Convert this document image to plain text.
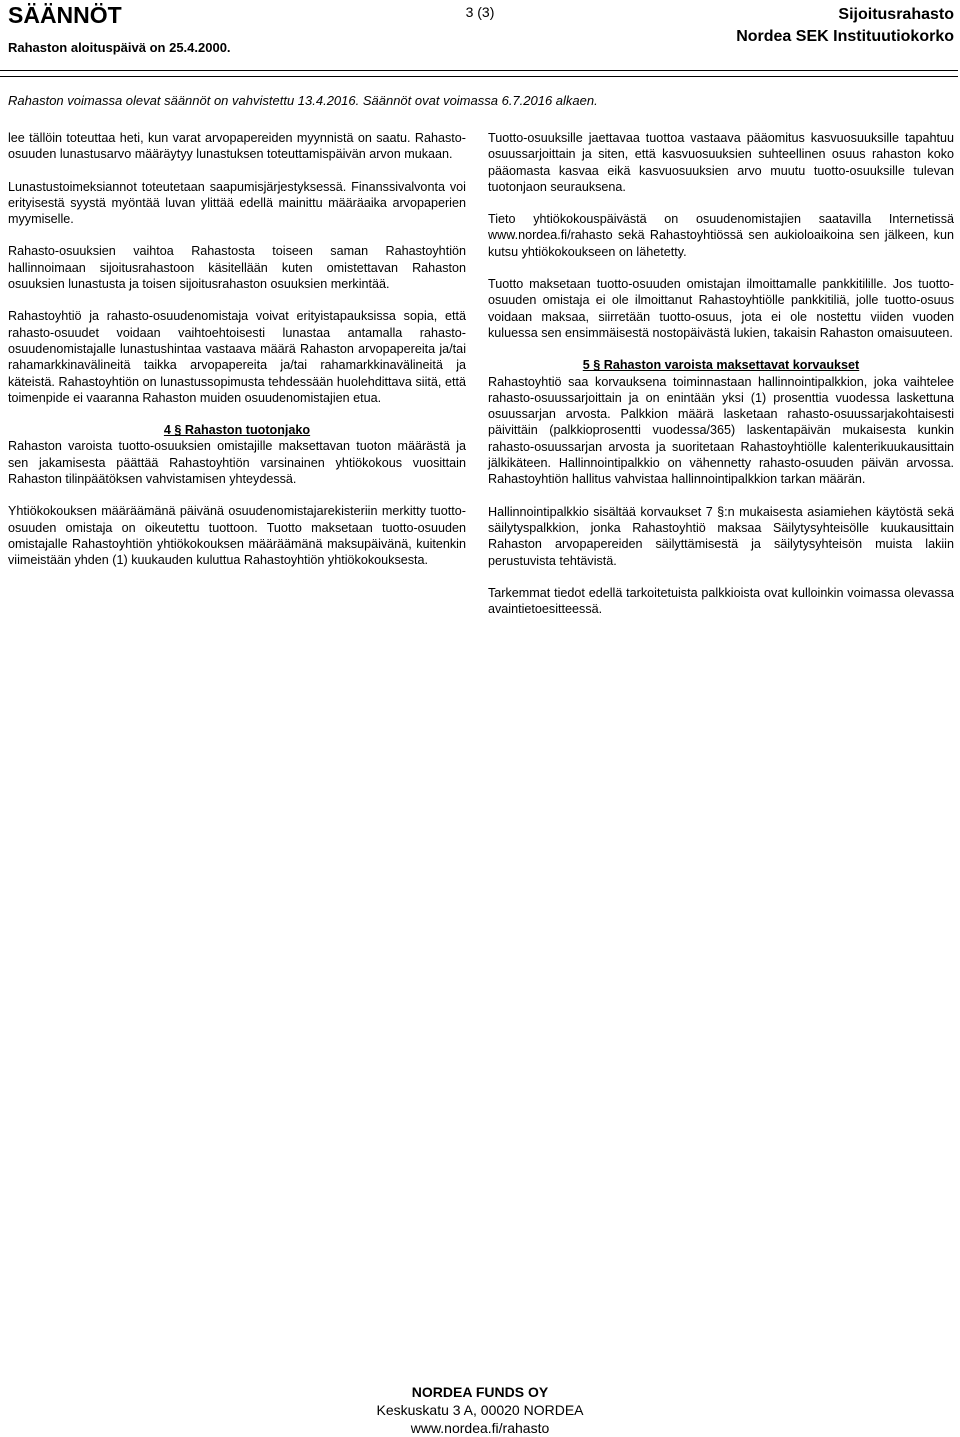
SÄÄNNÖT	3 (3)	Sijoitusrahasto
Nordea SEK Instituutiokorko
Rahaston aloituspäivä on 25.4.2000.
Rahaston voimassa olevat säännöt on vahvistettu 13.4.2016. Säännöt ovat voimassa 6.7.2016 alkaen.

lee tällöin toteuttaa heti, kun varat arvopapereiden myynnistä on saatu. Rahasto-osuuden lunastusarvo määräytyy lunastuksen toteuttamispäivän arvon mukaan.

Lunastustoimeksiannot toteutetaan saapumisjärjestyksessä. Finanssivalvonta voi erityisestä syystä myöntää luvan ylittää edellä mainittu määräaika arvopaperien myymiselle.

Rahasto-osuuksien vaihtoa Rahastosta toiseen saman Rahastoyhtiön hallinnoimaan sijoitusrahastoon käsitellään kuten omistettavan Rahaston osuuksien lunastusta ja toisen sijoitusrahaston osuuksien merkintää.

Rahastoyhtiö ja rahasto-osuudenomistaja voivat erityistapauksissa sopia, että rahasto-osuudet voidaan vaihtoehtoisesti lunastaa antamalla rahasto-osuudenomistajalle lunastushintaa vastaava määrä Rahaston arvopapereita ja/tai rahamarkkinavälineitä taikka arvopapereita ja/tai rahamarkkinavälineitä ja käteistä. Rahastoyhtiön on lunastussopimusta tehdessään huolehdittava siitä, että toimenpide ei vaaranna Rahaston muiden osuudenomistajien etua.

4 § Rahaston tuotonjako

Rahaston varoista tuotto-osuuksien omistajille maksettavan tuoton määrästä ja sen jakamisesta päättää Rahastoyhtiön varsinainen yhtiökokous vuosittain Rahaston tilinpäätöksen vahvistamisen yhteydessä.

Yhtiökokouksen määräämänä päivänä osuudenomistajarekisteriin merkitty tuotto-osuuden omistaja on oikeutettu tuottoon. Tuotto maksetaan tuotto-osuuden omistajalle Rahastoyhtiön yhtiökokouksen määräämänä maksupäivänä, kuitenkin viimeistään yhden (1) kuukauden kuluttua Rahastoyhtiön yhtiökokouksesta.

Tuotto-osuuksille jaettavaa tuottoa vastaava pääomitus kasvuosuuksille tapahtuu osuussarjoittain ja siten, että kasvuosuuksien suhteellinen osuus rahaston koko pääomasta kasvaa eikä kasvuosuuksien arvo muutu tuotto-osuuksille tulevan tuotonjaon seurauksena.

Tieto yhtiökokouspäivästä on osuudenomistajien saatavilla Internetissä www.nordea.fi/rahasto sekä Rahastoyhtiössä sen aukioloaikoina sen jälkeen, kun kutsu yhtiökokoukseen on lähetetty.

Tuotto maksetaan tuotto-osuuden omistajan ilmoittamalle pankkitilille. Jos tuotto-osuuden omistaja ei ole ilmoittanut Rahastoyhtiölle pankkitiliä, jolle tuotto-osuus voidaan maksaa, siirretään tuotto-osuus, jota ei ole nostettu viiden vuoden kuluessa sen ensimmäisestä nostopäivästä lukien, takaisin Rahaston omaisuuteen.

5 § Rahaston varoista maksettavat korvaukset

Rahastoyhtiö saa korvauksena toiminnastaan hallinnointipalkkion, joka vaihtelee rahasto-osuussarjoittain ja on enintään yksi (1) prosenttia vuodessa laskettuna osuussarjan arvosta. Palkkion määrä lasketaan rahasto-osuussarjakohtaisesti päivittäin (palkkioprosentti vuodessa/365) laskentapäivän mukaisesta kunkin rahasto-osuussarjan arvosta ja suoritetaan Rahastoyhtiölle kalenterikuukausittain jälkikäteen. Hallinnointipalkkio on vähennetty rahasto-osuuden päivän arvossa. Rahastoyhtiön hallitus vahvistaa hallinnointipalkkion tarkan määrän.

Hallinnointipalkkio sisältää korvaukset 7 §:n mukaisesta asiamiehen käytöstä sekä säilytyspalkkion, jonka Rahastoyhtiö maksaa Säilytysyhteisölle kuukausittain Rahaston arvopapereiden säilyttämisestä ja säilytysyhteisön muista lakiin perustuvista tehtävistä.

Tarkemmat tiedot edellä tarkoitetuista palkkioista ovat kulloinkin voimassa olevassa avaintietoesitteessä.

NORDEA FUNDS OY
Keskuskatu 3 A, 00020 NORDEA
www.nordea.fi/rahasto
